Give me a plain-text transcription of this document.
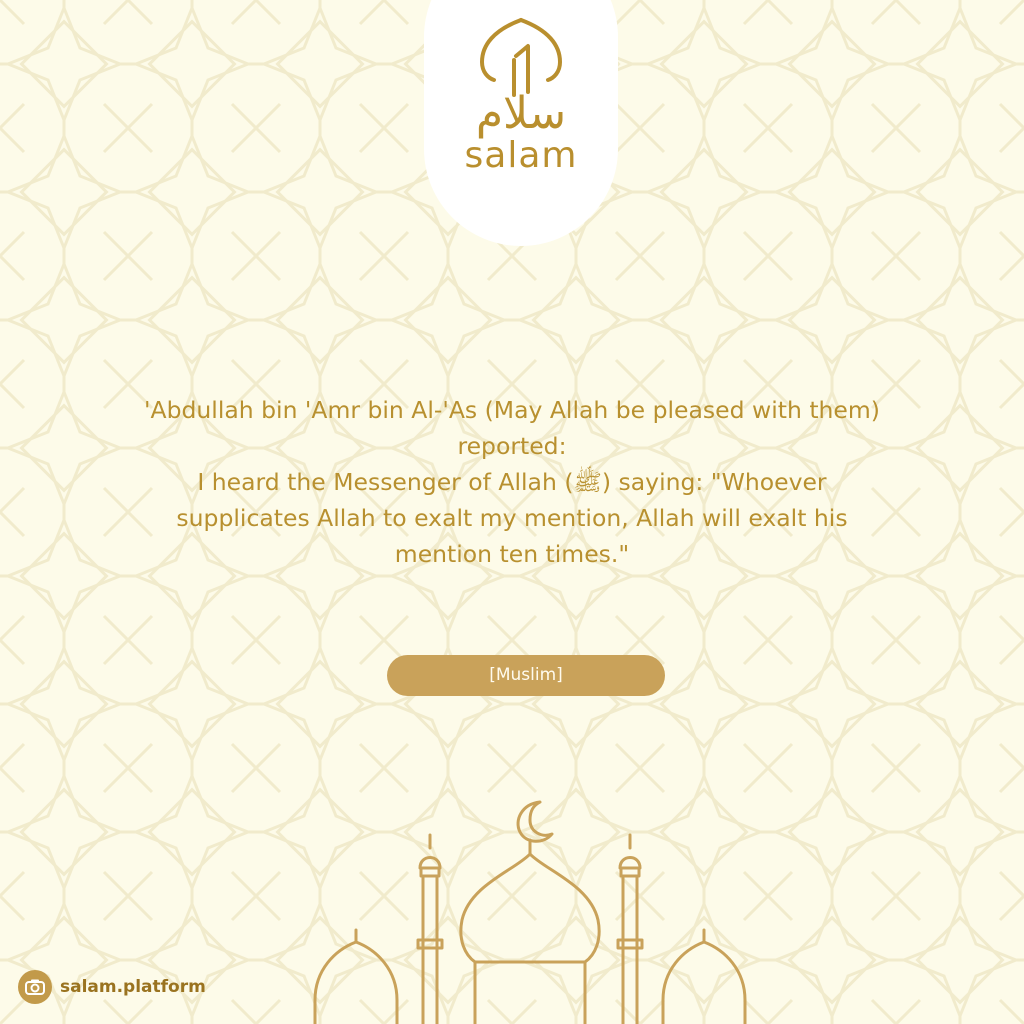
سلام
salam
'Abdullah bin 'Amr bin Al-'As (May Allah be pleased with them)
reported:
I heard the Messenger of Allah (ﷺ) saying: "Whoever
supplicates Allah to exalt my mention, Allah will exalt his
mention ten times."
[Muslim]
salam.platform
